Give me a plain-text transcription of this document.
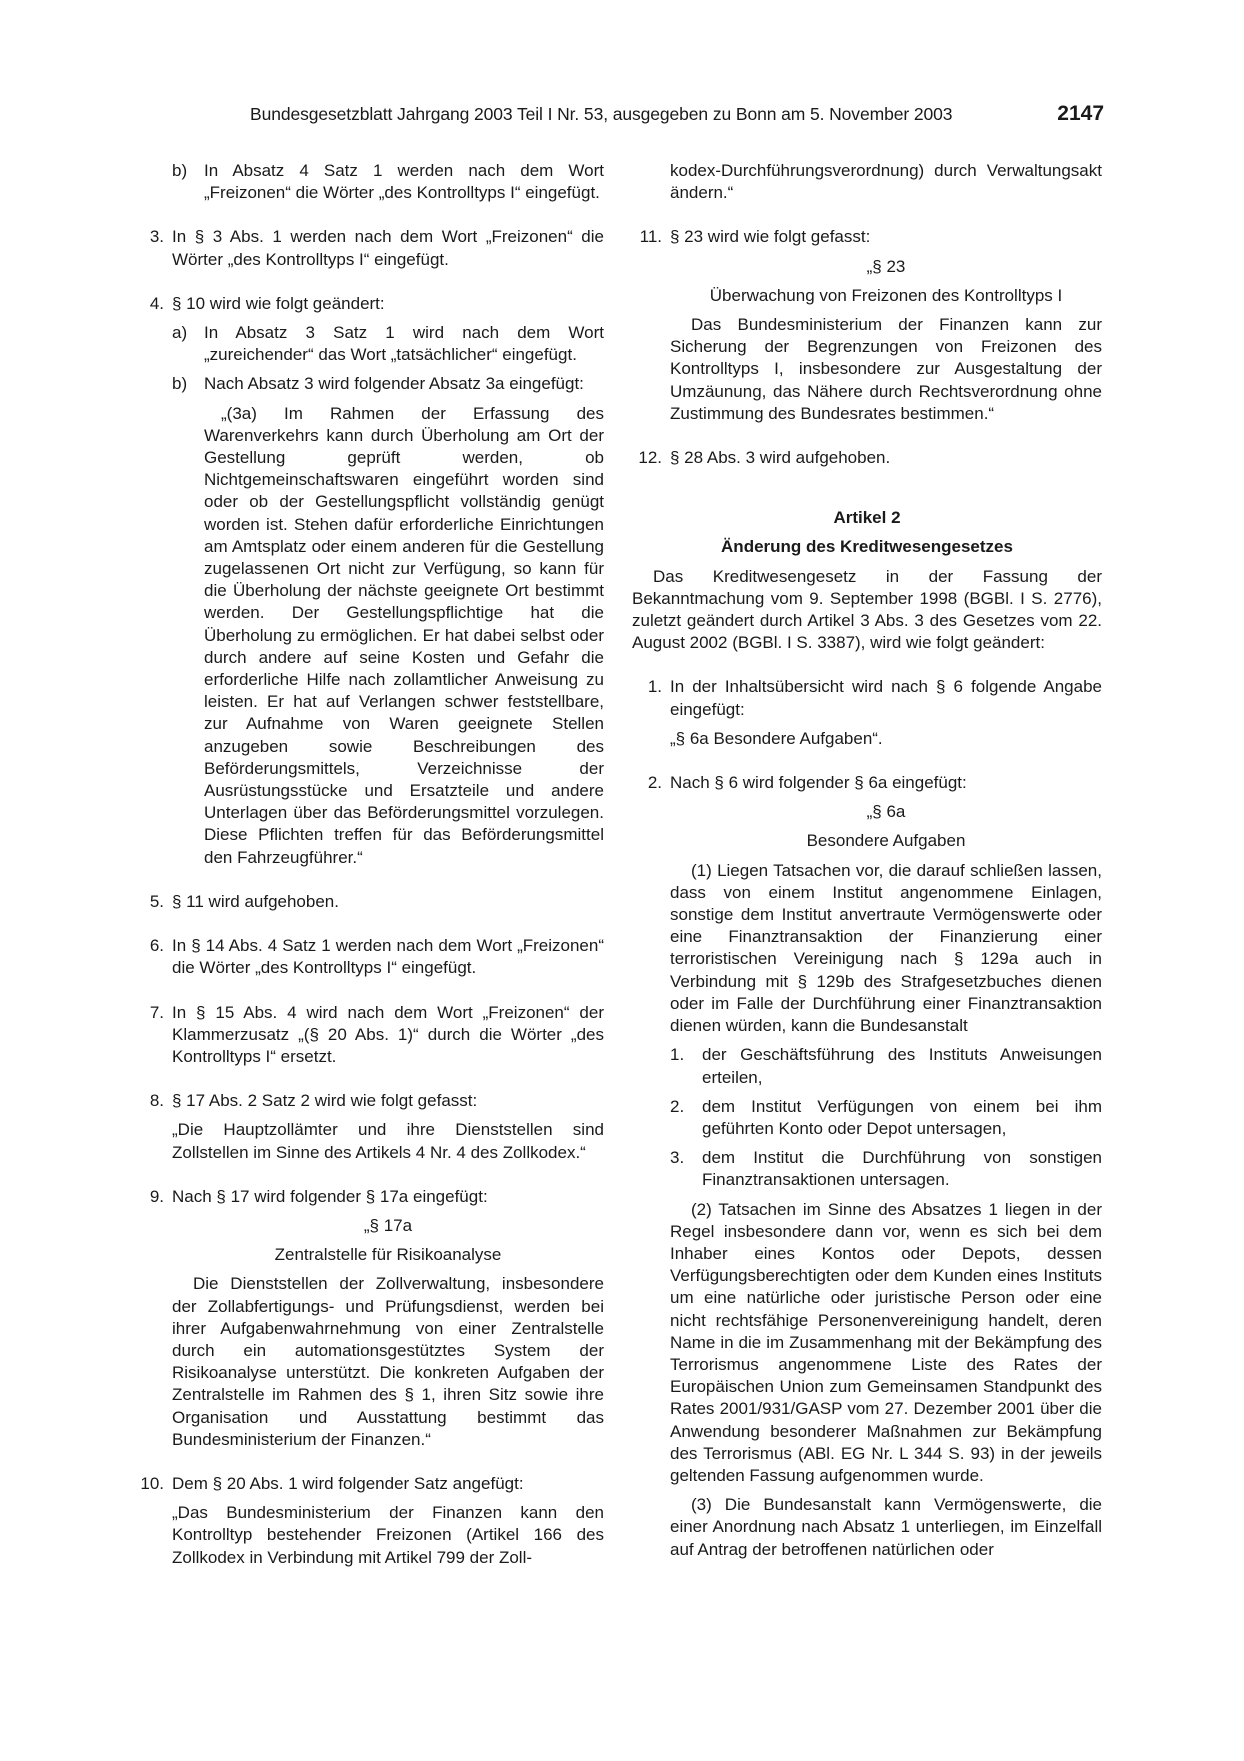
Bundesgesetzblatt Jahrgang 2003 Teil I Nr. 53, ausgegeben zu Bonn am 5. November 2003	2147
b) In Absatz 4 Satz 1 werden nach dem Wort „Freizonen“ die Wörter „des Kontrolltyps I“ eingefügt.

3. In § 3 Abs. 1 werden nach dem Wort „Freizonen“ die Wörter „des Kontrolltyps I“ eingefügt.

4. § 10 wird wie folgt geändert:

a) In Absatz 3 Satz 1 wird nach dem Wort „zureichender“ das Wort „tatsächlicher“ eingefügt.

b) Nach Absatz 3 wird folgender Absatz 3a eingefügt:

„(3a) Im Rahmen der Erfassung des Warenverkehrs kann durch Überholung am Ort der Gestellung geprüft werden, ob Nichtgemeinschaftswaren eingeführt worden sind oder ob der Gestellungspflicht vollständig genügt worden ist. Stehen dafür erforderliche Einrichtungen am Amtsplatz oder einem anderen für die Gestellung zugelassenen Ort nicht zur Verfügung, so kann für die Überholung der nächste geeignete Ort bestimmt werden. Der Gestellungspflichtige hat die Überholung zu ermöglichen. Er hat dabei selbst oder durch andere auf seine Kosten und Gefahr die erforderliche Hilfe nach zollamtlicher Anweisung zu leisten. Er hat auf Verlangen schwer feststellbare, zur Aufnahme von Waren geeignete Stellen anzugeben sowie Beschreibungen des Beförderungsmittels, Verzeichnisse der Ausrüstungsstücke und Ersatzteile und andere Unterlagen über das Beförderungsmittel vorzulegen. Diese Pflichten treffen für das Beförderungsmittel den Fahrzeugführer.“

5. § 11 wird aufgehoben.

6. In § 14 Abs. 4 Satz 1 werden nach dem Wort „Freizonen“ die Wörter „des Kontrolltyps I“ eingefügt.

7. In § 15 Abs. 4 wird nach dem Wort „Freizonen“ der Klammerzusatz „(§ 20 Abs. 1)“ durch die Wörter „des Kontrolltyps I“ ersetzt.

8. § 17 Abs. 2 Satz 2 wird wie folgt gefasst:

„Die Hauptzollämter und ihre Dienststellen sind Zollstellen im Sinne des Artikels 4 Nr. 4 des Zollkodex.“

9. Nach § 17 wird folgender § 17a eingefügt:

„§ 17a

Zentralstelle für Risikoanalyse

Die Dienststellen der Zollverwaltung, insbesondere der Zollabfertigungs- und Prüfungsdienst, werden bei ihrer Aufgabenwahrnehmung von einer Zentralstelle durch ein automationsgestütztes System der Risikoanalyse unterstützt. Die konkreten Aufgaben der Zentralstelle im Rahmen des § 1, ihren Sitz sowie ihre Organisation und Ausstattung bestimmt das Bundesministerium der Finanzen.“

10. Dem § 20 Abs. 1 wird folgender Satz angefügt:

„Das Bundesministerium der Finanzen kann den Kontrolltyp bestehender Freizonen (Artikel 166 des Zollkodex in Verbindung mit Artikel 799 der Zoll-

kodex-Durchführungsverordnung) durch Verwaltungsakt ändern.“

11. § 23 wird wie folgt gefasst:

„§ 23

Überwachung von Freizonen des Kontrolltyps I

Das Bundesministerium der Finanzen kann zur Sicherung der Begrenzungen von Freizonen des Kontrolltyps I, insbesondere zur Ausgestaltung der Umzäunung, das Nähere durch Rechtsverordnung ohne Zustimmung des Bundesrates bestimmen.“

12. § 28 Abs. 3 wird aufgehoben.

Artikel 2

Änderung des Kreditwesengesetzes

Das Kreditwesengesetz in der Fassung der Bekanntmachung vom 9. September 1998 (BGBl. I S. 2776), zuletzt geändert durch Artikel 3 Abs. 3 des Gesetzes vom 22. August 2002 (BGBl. I S. 3387), wird wie folgt geändert:

1. In der Inhaltsübersicht wird nach § 6 folgende Angabe eingefügt:

„§ 6a Besondere Aufgaben“.

2. Nach § 6 wird folgender § 6a eingefügt:

„§ 6a

Besondere Aufgaben

(1) Liegen Tatsachen vor, die darauf schließen lassen, dass von einem Institut angenommene Einlagen, sonstige dem Institut anvertraute Vermögenswerte oder eine Finanztransaktion der Finanzierung einer terroristischen Vereinigung nach § 129a auch in Verbindung mit § 129b des Strafgesetzbuches dienen oder im Falle der Durchführung einer Finanztransaktion dienen würden, kann die Bundesanstalt

1. der Geschäftsführung des Instituts Anweisungen erteilen,

2. dem Institut Verfügungen von einem bei ihm geführten Konto oder Depot untersagen,

3. dem Institut die Durchführung von sonstigen Finanztransaktionen untersagen.

(2) Tatsachen im Sinne des Absatzes 1 liegen in der Regel insbesondere dann vor, wenn es sich bei dem Inhaber eines Kontos oder Depots, dessen Verfügungsberechtigten oder dem Kunden eines Instituts um eine natürliche oder juristische Person oder eine nicht rechtsfähige Personenvereinigung handelt, deren Name in die im Zusammenhang mit der Bekämpfung des Terrorismus angenommene Liste des Rates der Europäischen Union zum Gemeinsamen Standpunkt des Rates 2001/931/GASP vom 27. Dezember 2001 über die Anwendung besonderer Maßnahmen zur Bekämpfung des Terrorismus (ABl. EG Nr. L 344 S. 93) in der jeweils geltenden Fassung aufgenommen wurde.

(3) Die Bundesanstalt kann Vermögenswerte, die einer Anordnung nach Absatz 1 unterliegen, im Einzelfall auf Antrag der betroffenen natürlichen oder
